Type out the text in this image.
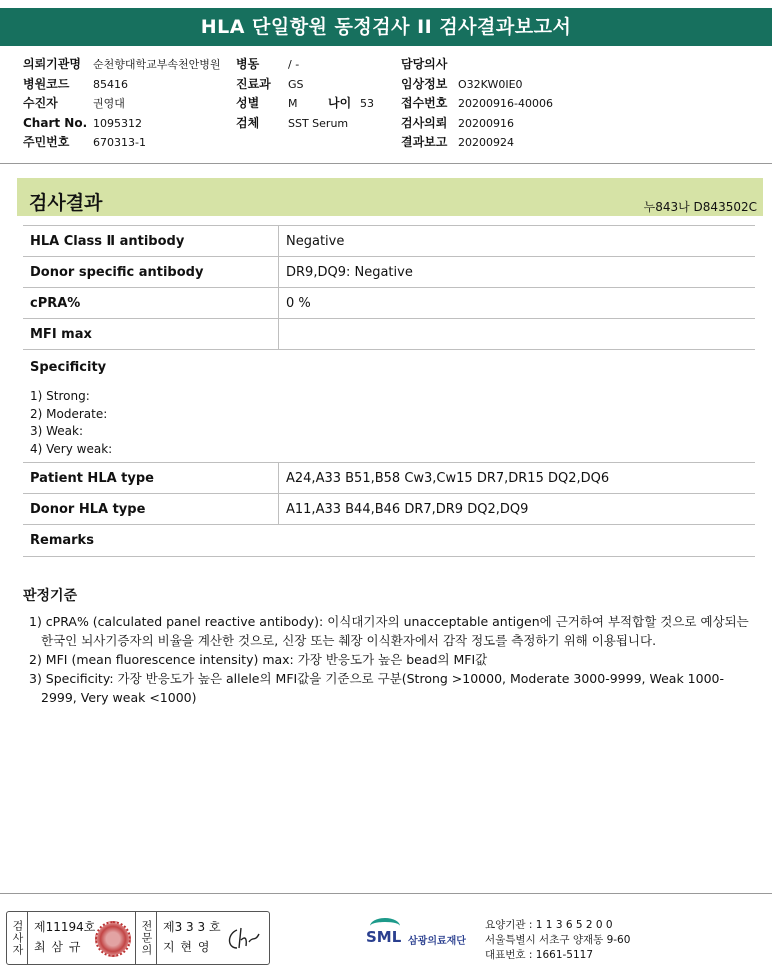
HLA 단일항원 동정검사 II 검사결과보고서
의뢰기관명 순천향대학교부속천안병원
병원코드 85416
수진자	권영대
Chart No. 1095312
주민번호 670313-1
병동	/ -
진료과 GS
성별	M	나이 53
검체	SST Serum
담당의사
임상정보 O32KW0IE0
접수번호 20200916-40006
검사의뢰 20200916
결과보고 20200924
검사결과	누843나 D843502C
HLA Class Ⅱ antibody	Negative
Donor specific antibody	DR9,DQ9: Negative
cPRA%	0 %
MFI max	

Specificity
1) Strong:
2) Moderate:
3) Weak:
4) Very weak:	

Patient HLA type	A24,A33 B51,B58 Cw3,Cw15 DR7,DR15 DQ2,DQ6
Donor HLA type	A11,A33 B44,B46 DR7,DR9 DQ2,DQ9
Remarks	
판정기준
1) cPRA% (calculated panel reactive antibody): 이식대기자의 unacceptable antigen에 근거하여 부적합할 것으로 예상되는 한국인 뇌사기증자의 비율을 계산한 것으로, 신장 또는 췌장 이식환자에서 감작 정도를 측정하기 위해 이용됩니다.
2) MFI (mean fluorescence intensity) max: 가장 반응도가 높은 bead의 MFI값
3) Specificity: 가장 반응도가 높은 allele의 MFI값을 기준으로 구분(Strong >10000, Moderate 3000-9999, Weak 1000-2999, Very weak <1000)
검사자 제11194호
최 삼 규	전문의 제3 3 3 호
지 현 영
SML 삼광의료재단
요양기관 : 1 1 3 6 5 2 0 0
서울특별시 서초구 양재동 9-60
대표번호 : 1661-5117
